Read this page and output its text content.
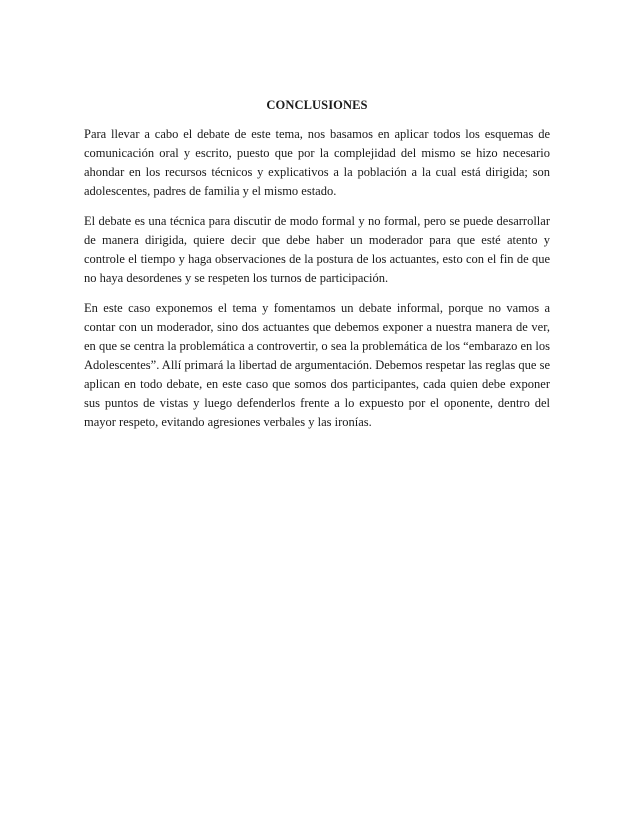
CONCLUSIONES

Para llevar a cabo el debate de este tema, nos basamos en aplicar todos los esquemas de comunicación oral y escrito, puesto que por la complejidad del mismo se hizo necesario ahondar en los recursos técnicos y explicativos a la población a la cual está dirigida; son adolescentes, padres de familia y el mismo estado.

El debate es una técnica para discutir de modo formal y no formal, pero se puede desarrollar de manera dirigida, quiere decir que debe haber un moderador para que esté atento y controle el tiempo y haga observaciones de la postura de los actuantes, esto con el fin de que no haya desordenes y se respeten los turnos de participación.

En este caso exponemos el tema y fomentamos un debate informal, porque no vamos a contar con un moderador, sino dos actuantes que debemos exponer a nuestra manera de ver, en que se centra la problemática a controvertir, o sea la problemática de los “embarazo en los Adolescentes”. Allí primará la libertad de argumentación. Debemos respetar las reglas que se aplican en todo debate, en este caso que somos dos participantes, cada quien debe exponer sus puntos de vistas y luego defenderlos frente a lo expuesto por el oponente, dentro del mayor respeto, evitando agresiones verbales y las ironías.
